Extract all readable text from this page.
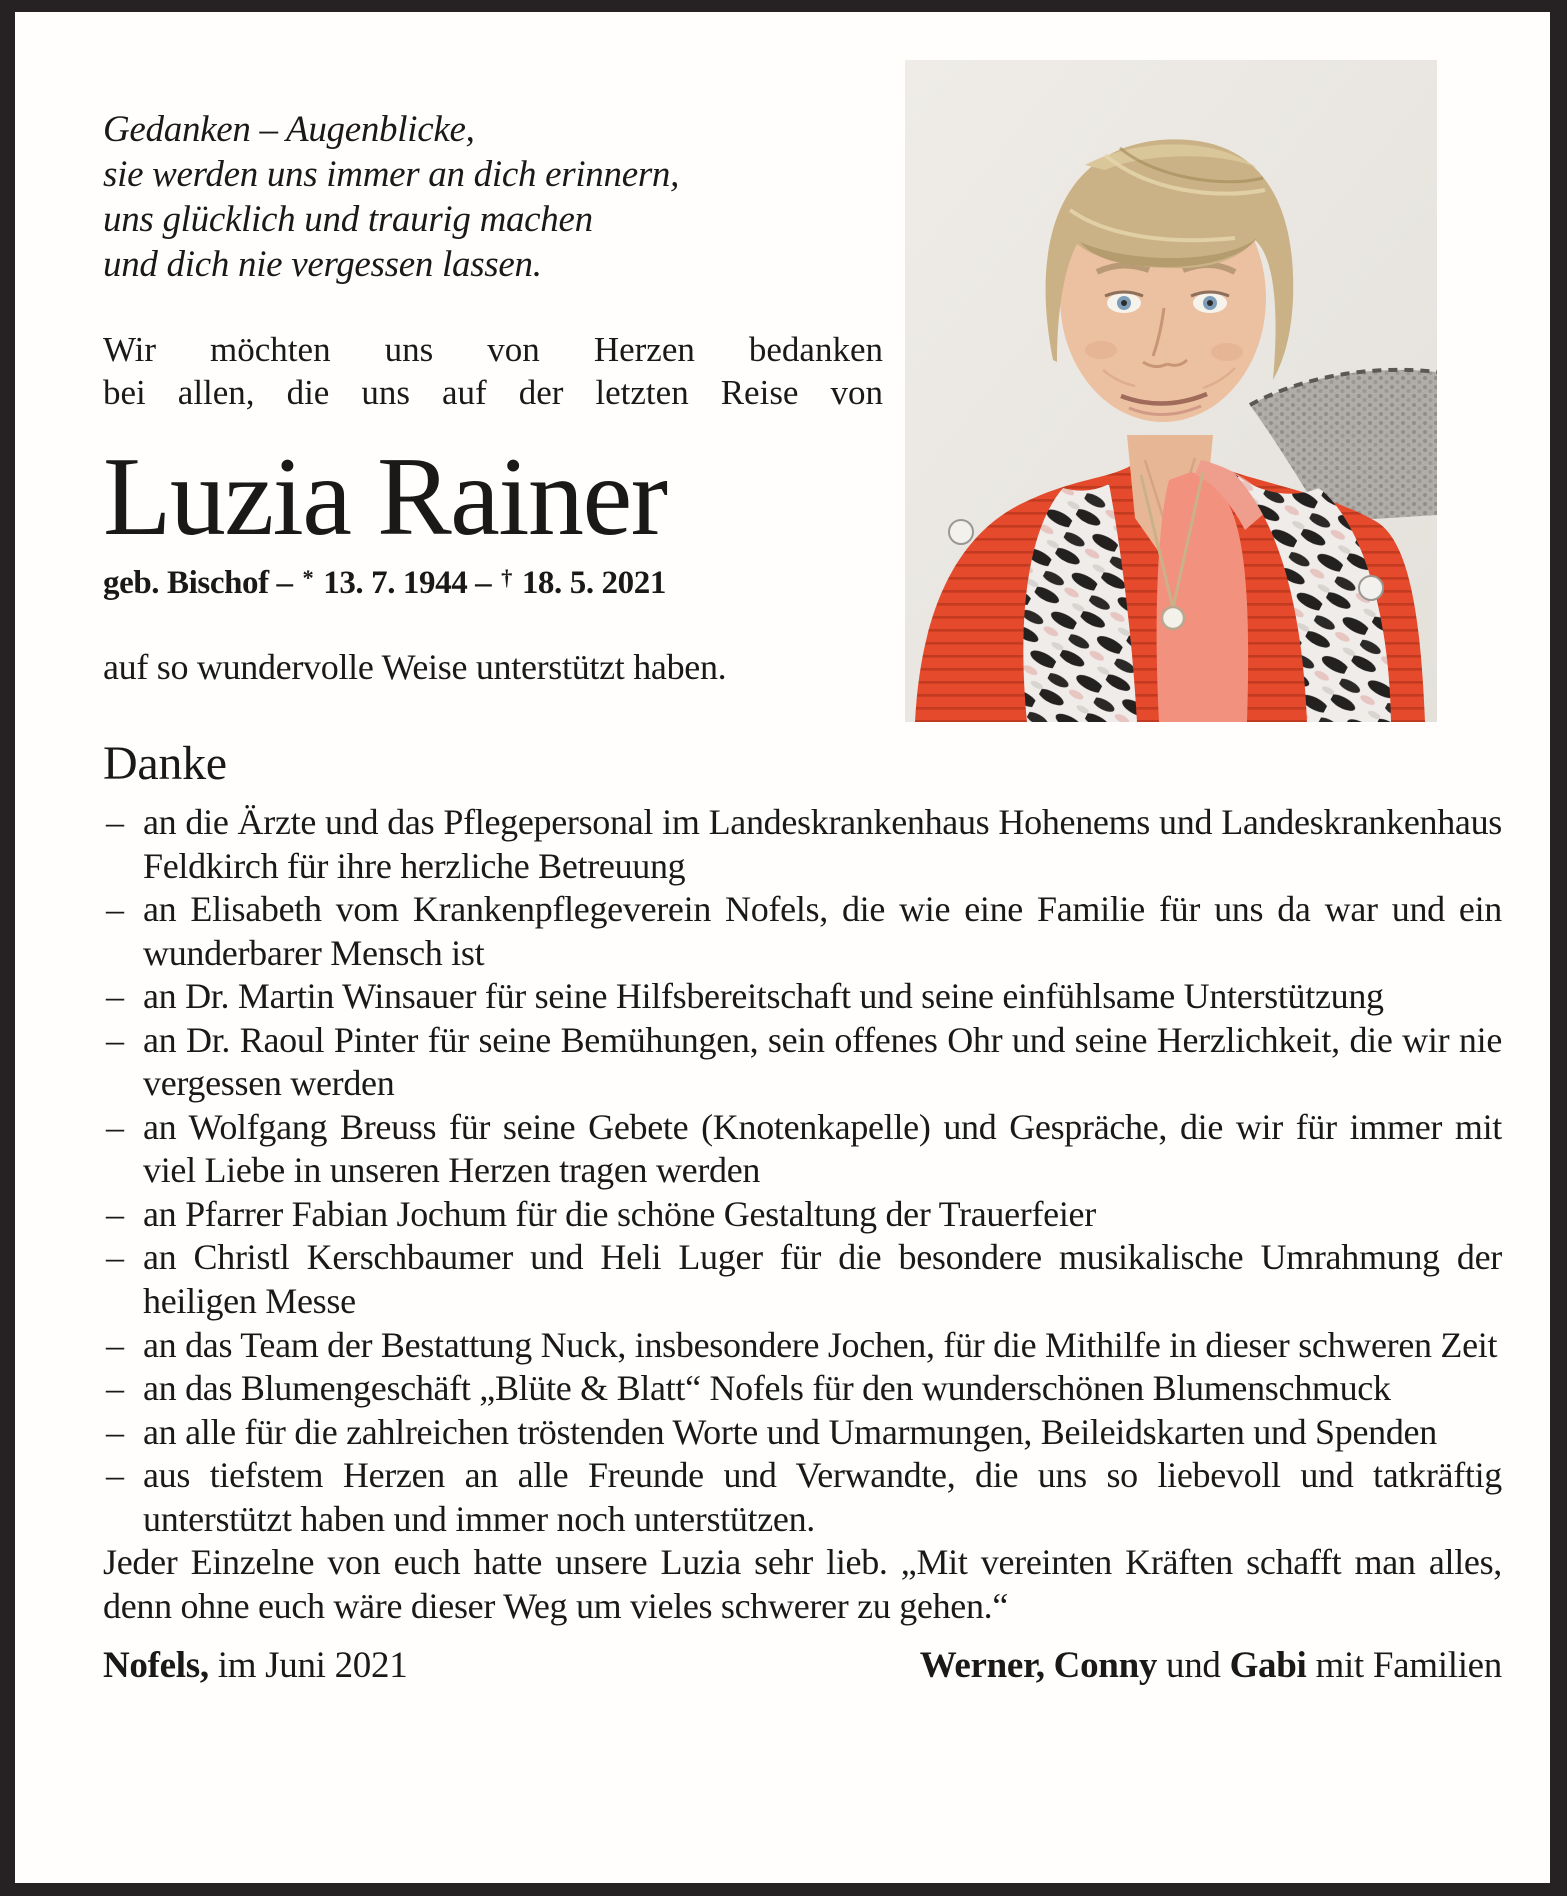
Gedanken – Augenblicke,
sie werden uns immer an dich erinnern,
uns glücklich und traurig machen
und dich nie vergessen lassen.
Wir möchten uns von Herzen bedanken
bei allen, die uns auf der letzten Reise von
Luzia Rainer
geb. Bischof – * 13. 7. 1944 – † 18. 5. 2021
auf so wundervolle Weise unterstützt haben.
Danke
– an die Ärzte und das Pflegepersonal im Landeskrankenhaus Hohenems und Landeskrankenhaus Feldkirch für ihre herzliche Betreuung
– an Elisabeth vom Krankenpflegeverein Nofels, die wie eine Familie für uns da war und ein wunderbarer Mensch ist
– an Dr. Martin Winsauer für seine Hilfsbereitschaft und seine einfühlsame Unterstützung
– an Dr. Raoul Pinter für seine Bemühungen, sein offenes Ohr und seine Herzlichkeit, die wir nie vergessen werden
– an Wolfgang Breuss für seine Gebete (Knotenkapelle) und Gespräche, die wir für immer mit viel Liebe in unseren Herzen tragen werden
– an Pfarrer Fabian Jochum für die schöne Gestaltung der Trauerfeier
– an Christl Kerschbaumer und Heli Luger für die besondere musikalische Umrahmung der heiligen Messe
– an das Team der Bestattung Nuck, insbesondere Jochen, für die Mithilfe in dieser schweren Zeit
– an das Blumengeschäft „Blüte & Blatt“ Nofels für den wunderschönen Blumenschmuck
– an alle für die zahlreichen tröstenden Worte und Umarmungen, Beileidskarten und Spenden
– aus tiefstem Herzen an alle Freunde und Verwandte, die uns so liebevoll und tatkräftig unterstützt haben und immer noch unterstützen.

Jeder Einzelne von euch hatte unsere Luzia sehr lieb. „Mit vereinten Kräften schafft man alles, denn ohne euch wäre dieser Weg um vieles schwerer zu gehen.“

Nofels, im Juni 2021	Werner, Conny und Gabi mit Familien
